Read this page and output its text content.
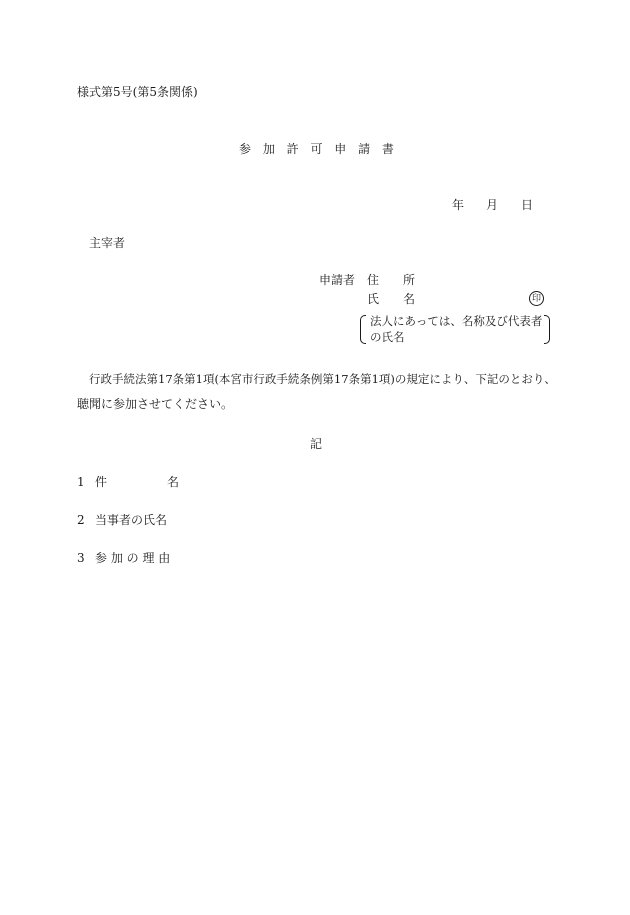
様式第5号(第5条関係)
参 加 許 可 申 請 書
年 月 日
主宰者
申請者 住　　所
氏　　名	印
法人にあっては、名称及び代表者
の氏名
行政手続法第17条第1項(本宮市行政手続条例第17条第1項)の規定により、下記のとおり、
聴聞に参加させてください。
記
1 件　　　　　名
2 当事者の氏名
3 参 加 の 理 由
